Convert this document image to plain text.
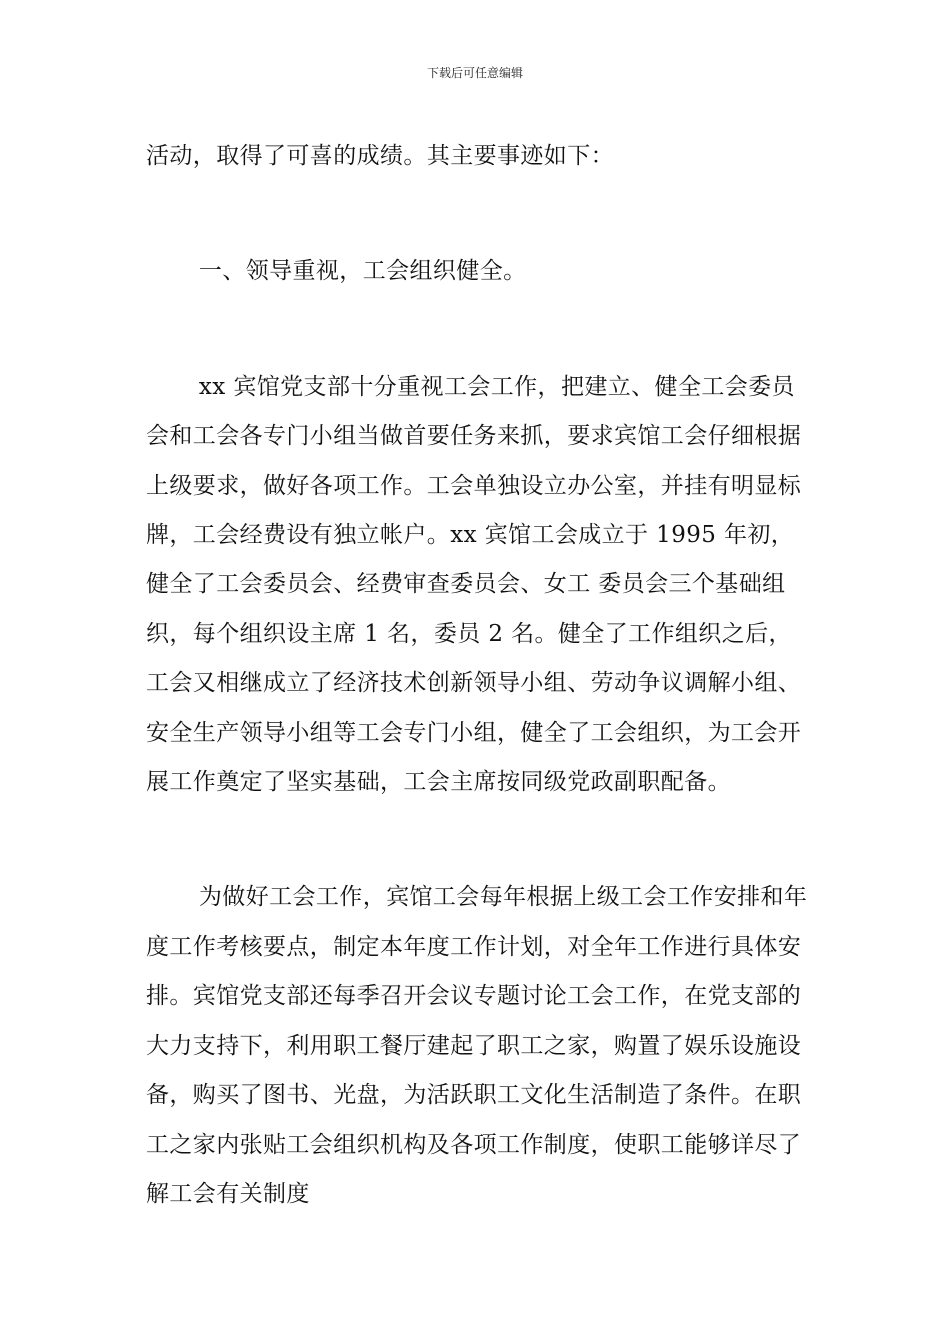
下载后可任意编辑

活动，取得了可喜的成绩。其主要事迹如下：

一、领导重视，工会组织健全。

xx 宾馆党支部十分重视工会工作，把建立、健全工会委员会和工会各专门小组当做首要任务来抓，要求宾馆工会仔细根据上级要求，做好各项工作。工会单独设立办公室，并挂有明显标牌，工会经费设有独立帐户。xx 宾馆工会成立于 1995 年初，健全了工会委员会、经费审查委员会、女工 委员会三个基础组织，每个组织设主席 1 名，委员 2 名。健全了工作组织之后，工会又相继成立了经济技术创新领导小组、劳动争议调解小组、安全生产领导小组等工会专门小组，健全了工会组织，为工会开展工作奠定了坚实基础，工会主席按同级党政副职配备。

为做好工会工作，宾馆工会每年根据上级工会工作安排和年度工作考核要点，制定本年度工作计划，对全年工作进行具体安排。宾馆党支部还每季召开会议专题讨论工会工作，在党支部的大力支持下，利用职工餐厅建起了职工之家，购置了娱乐设施设备，购买了图书、光盘，为活跃职工文化生活制造了条件。在职工之家内张贴工会组织机构及各项工作制度，使职工能够详尽了解工会有关制度
